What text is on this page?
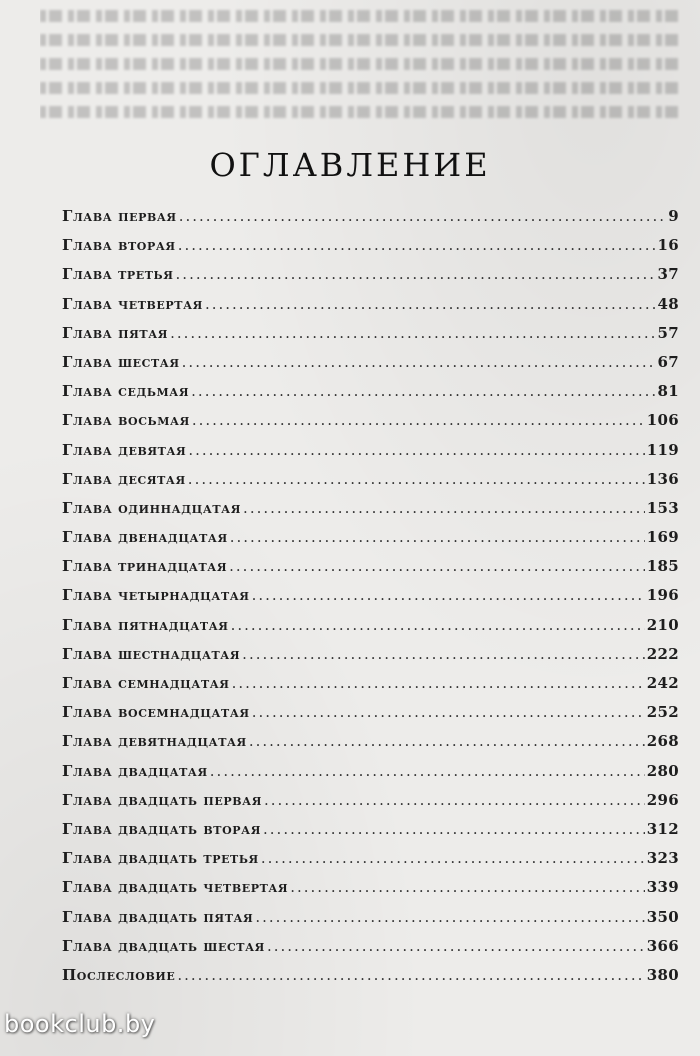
ОГЛАВЛЕНИЕ
Глава первая .....	9
Глава вторая .....	16
Глава третья .....	37
Глава четвертая .....	48
Глава пятая .....	57
Глава шестая .....	67
Глава седьмая .....	81
Глава восьмая .....	106
Глава девятая .....	119
Глава десятая .....	136
Глава одиннадцатая .....	153
Глава двенадцатая .....	169
Глава тринадцатая .....	185
Глава четырнадцатая .....	196
Глава пятнадцатая .....	210
Глава шестнадцатая .....	222
Глава семнадцатая .....	242
Глава восемнадцатая .....	252
Глава девятнадцатая .....	268
Глава двадцатая .....	280
Глава двадцать первая .....	296
Глава двадцать вторая .....	312
Глава двадцать третья .....	323
Глава двадцать четвертая .....	339
Глава двадцать пятая .....	350
Глава двадцать шестая .....	366
Послесловие .....	380
bookclub.by
